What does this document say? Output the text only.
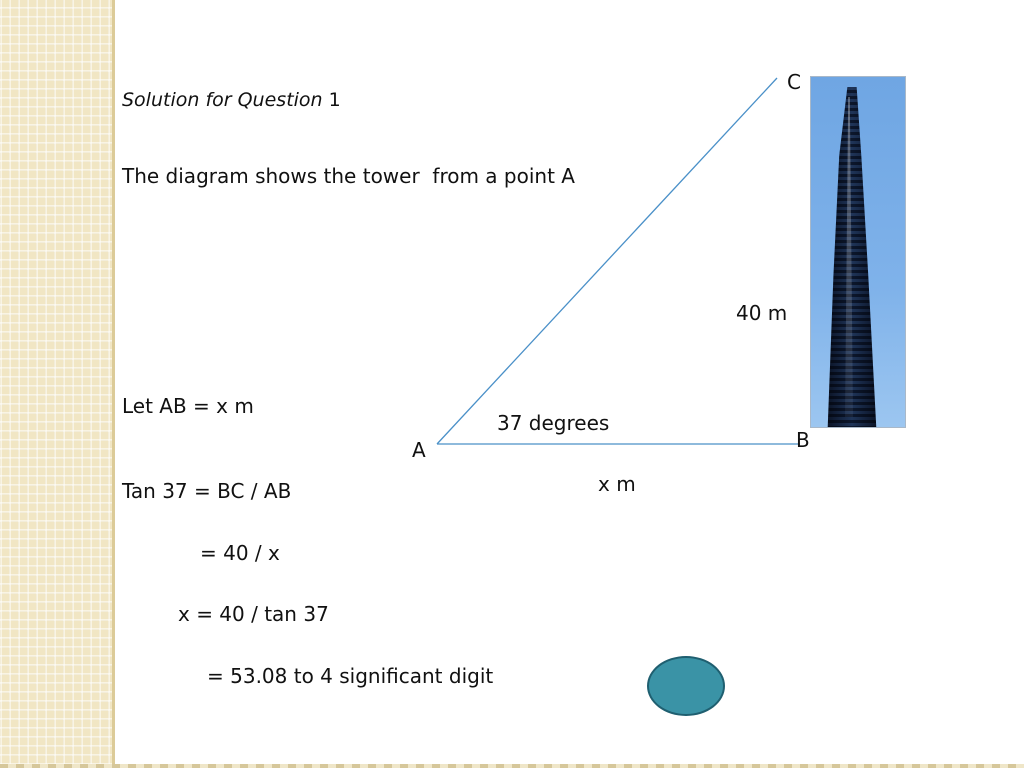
Solution for Question 1
The diagram shows the tower  from a point A
Let AB = x m
Tan 37 = BC / AB
= 40 / x
x = 40 / tan 37
= 53.08 to 4 significant digit
C
40 m
37 degrees
B
A
x m
